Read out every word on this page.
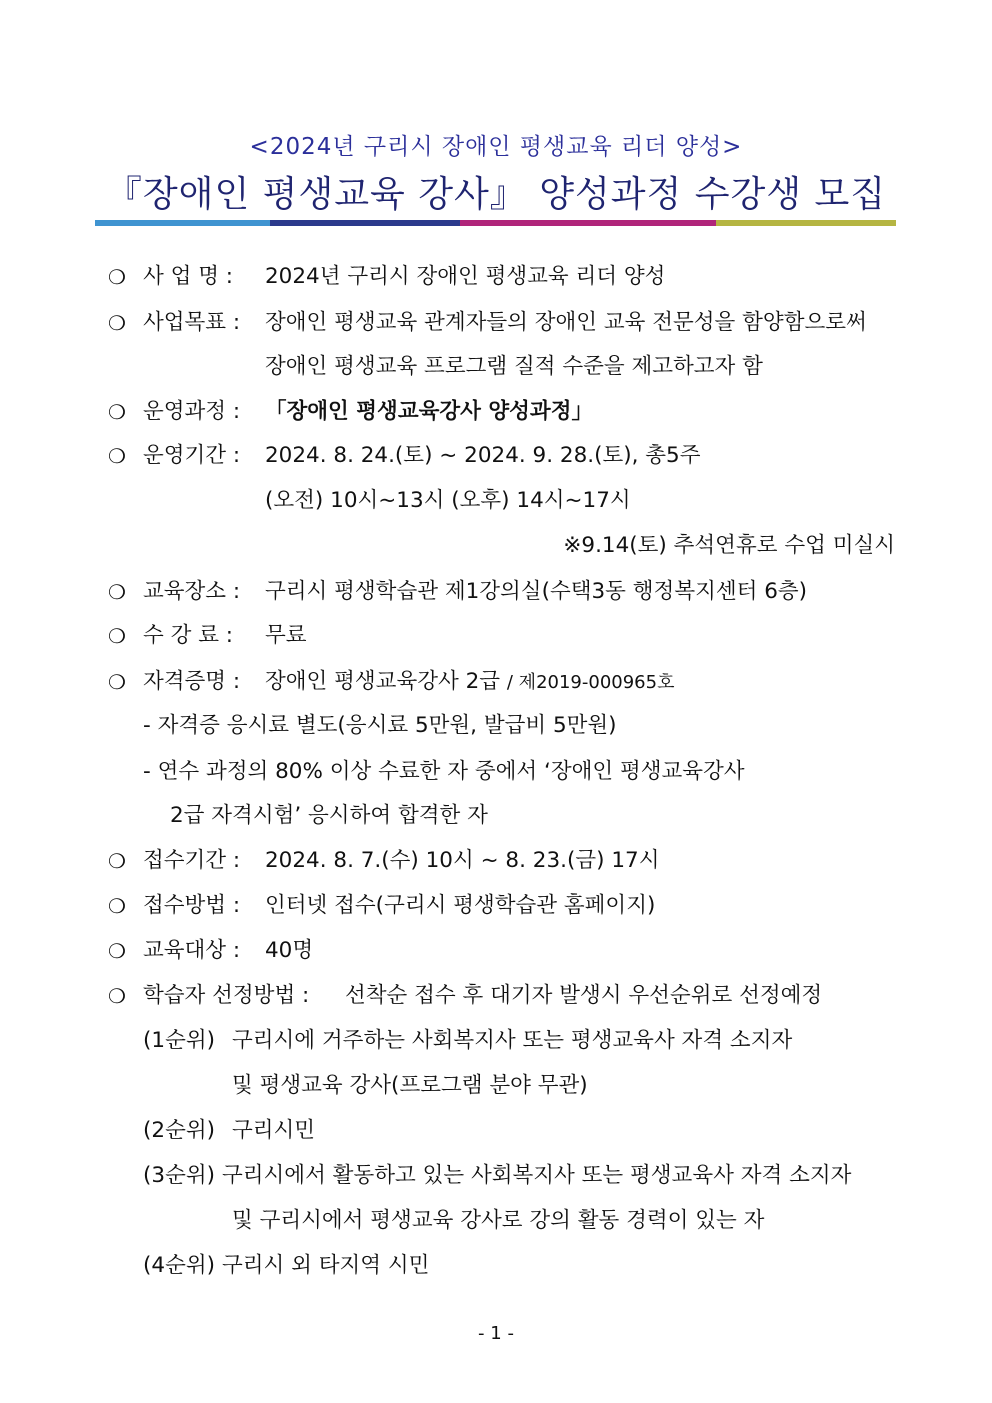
<2024년 구리시 장애인 평생교육 리더 양성>
『장애인 평생교육 강사』 양성과정 수강생 모집
❍ 사 업 명 : 2024년 구리시 장애인 평생교육 리더 양성
❍ 사업목표 : 장애인 평생교육 관계자들의 장애인 교육 전문성을 함양함으로써
장애인 평생교육 프로그램 질적 수준을 제고하고자 함
❍ 운영과정 : 「장애인 평생교육강사 양성과정」
❍ 운영기간 : 2024. 8. 24.(토) ~ 2024. 9. 28.(토), 총5주
(오전) 10시~13시 (오후) 14시~17시
※9.14(토) 추석연휴로 수업 미실시
❍ 교육장소 : 구리시 평생학습관 제1강의실(수택3동 행정복지센터 6층)
❍ 수 강 료 : 무료
❍ 자격증명 : 장애인 평생교육강사 2급 / 제2019-000965호
- 자격증 응시료 별도(응시료 5만원, 발급비 5만원)
- 연수 과정의 80% 이상 수료한 자 중에서 ‘장애인 평생교육강사
2급 자격시험’ 응시하여 합격한 자
❍ 접수기간 : 2024. 8. 7.(수) 10시 ~ 8. 23.(금) 17시
❍ 접수방법 : 인터넷 접수(구리시 평생학습관 홈페이지)
❍ 교육대상 : 40명
❍ 학습자 선정방법 : 선착순 접수 후 대기자 발생시 우선순위로 선정예정
(1순위) 구리시에 거주하는 사회복지사 또는 평생교육사 자격 소지자
및 평생교육 강사(프로그램 분야 무관)
(2순위) 구리시민
(3순위) 구리시에서 활동하고 있는 사회복지사 또는 평생교육사 자격 소지자
및 구리시에서 평생교육 강사로 강의 활동 경력이 있는 자
(4순위) 구리시 외 타지역 시민
- 1 -
